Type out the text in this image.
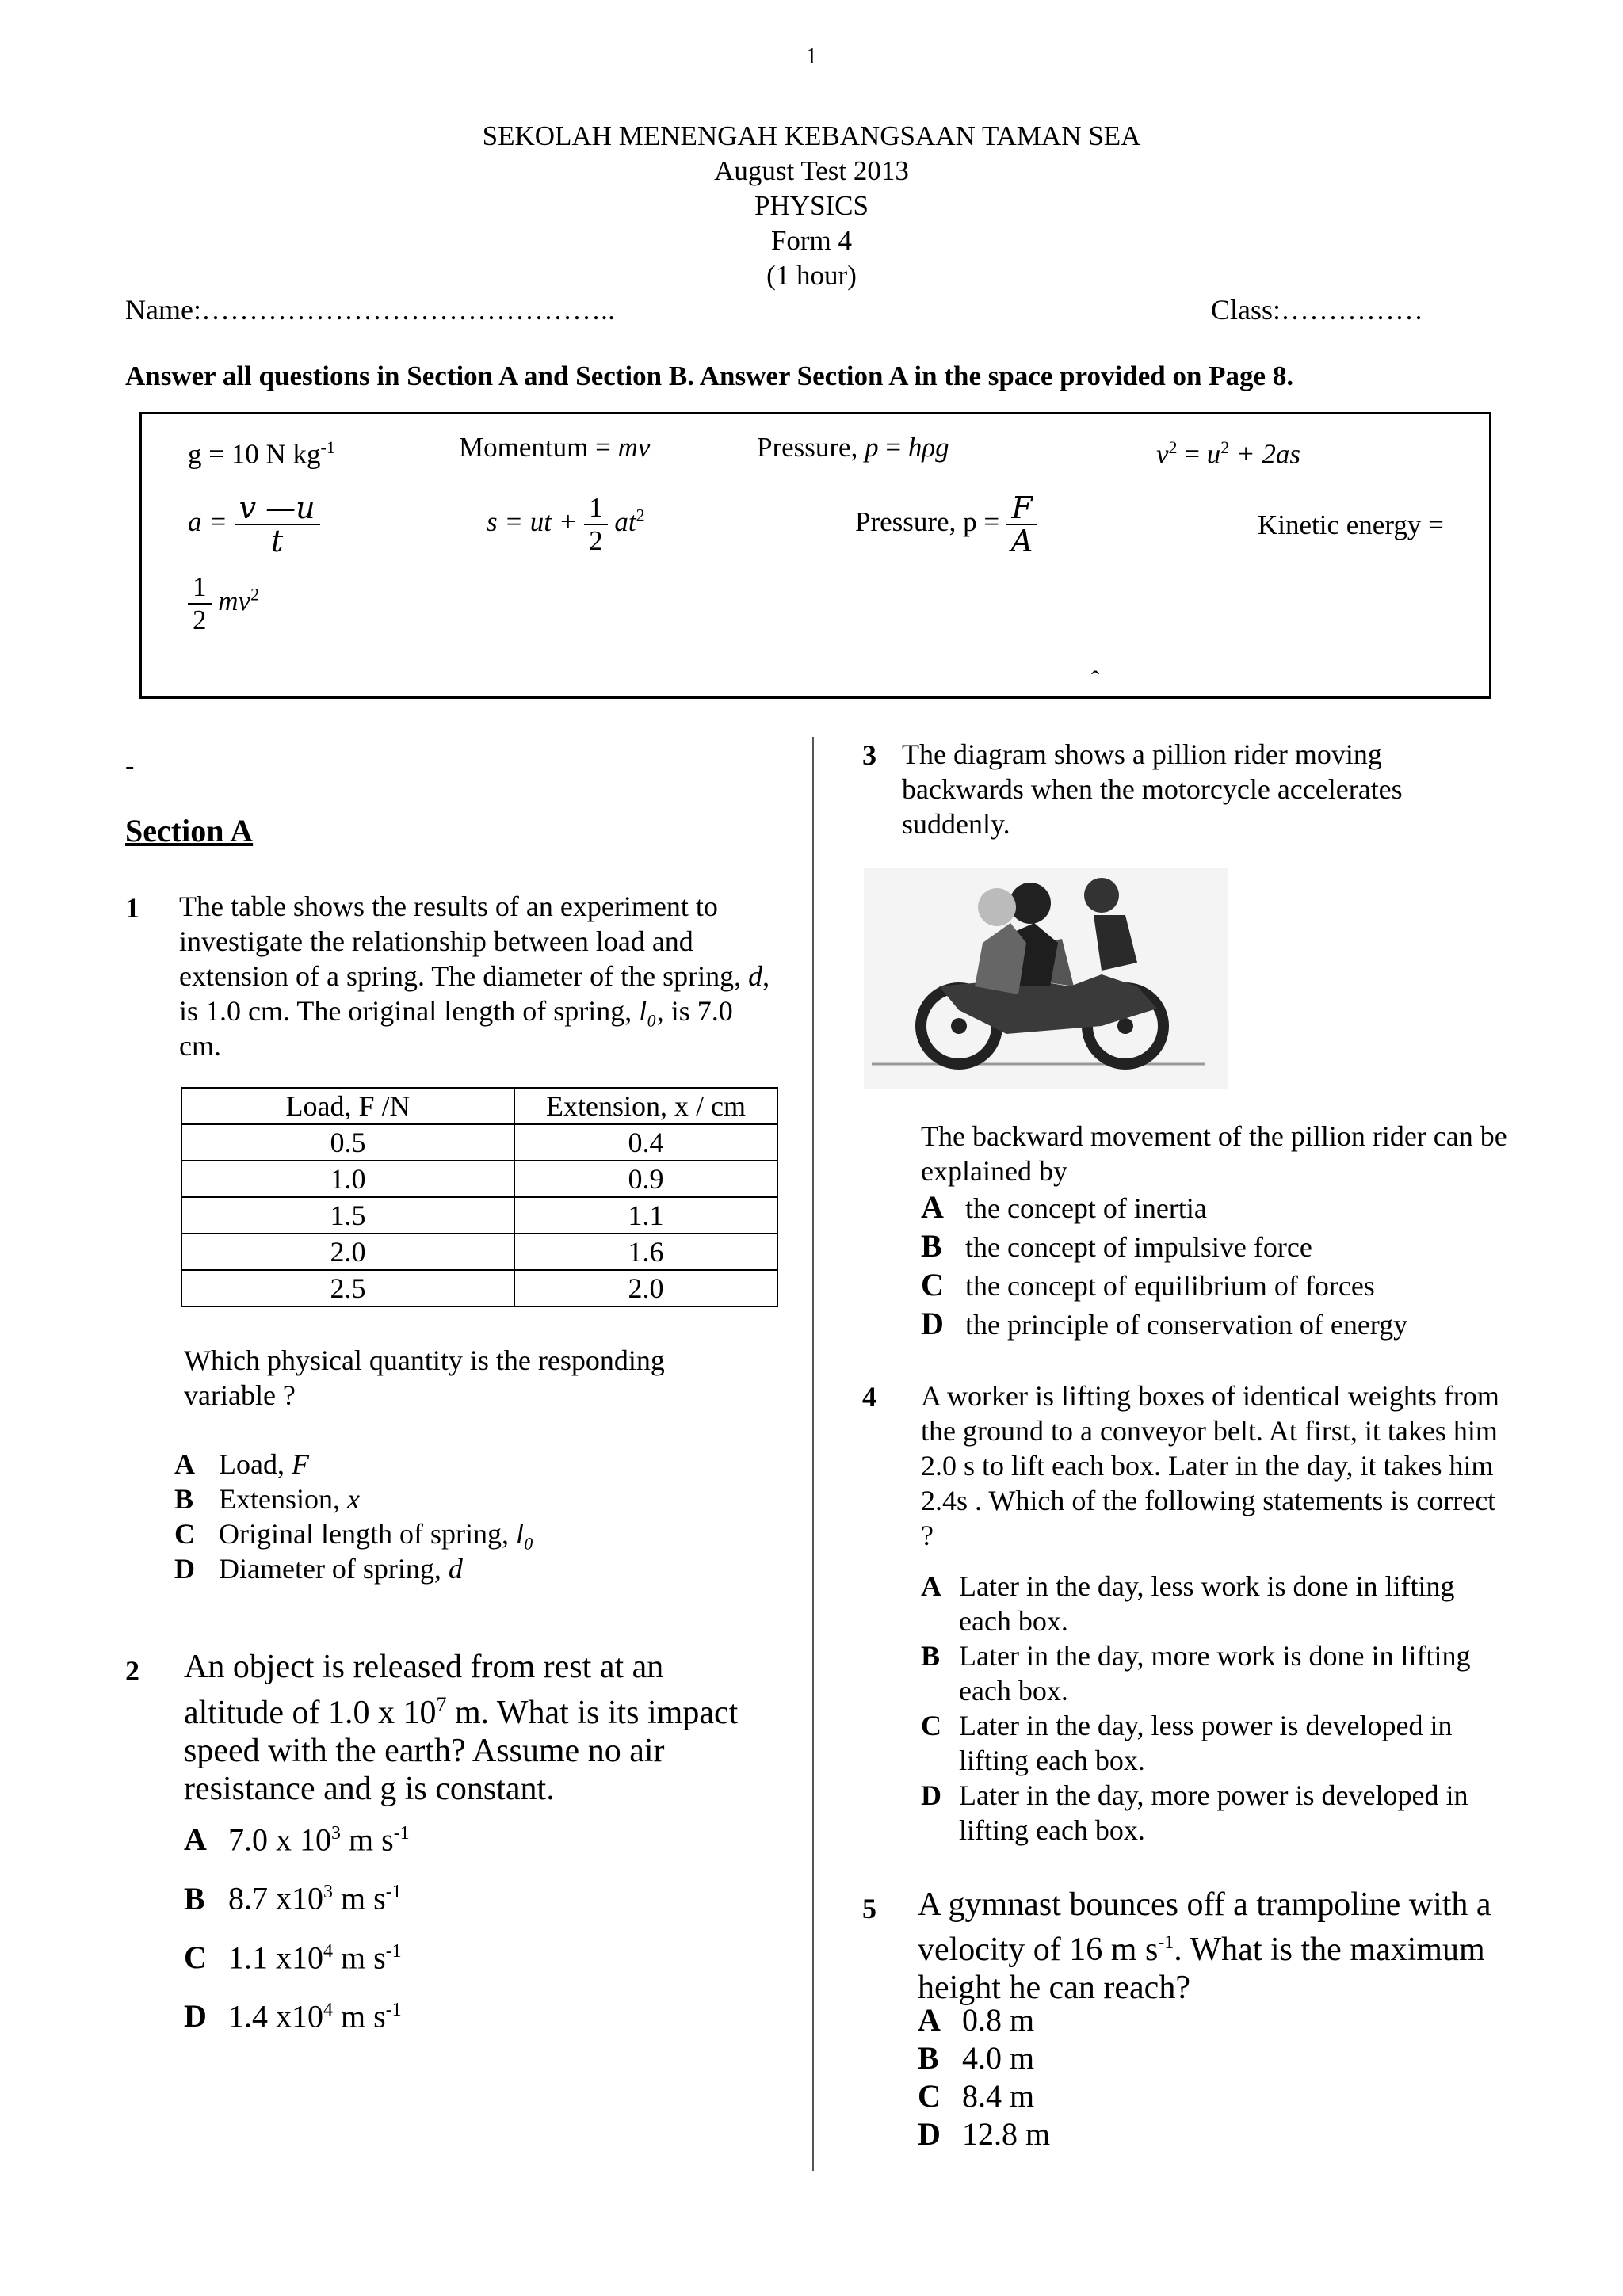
1
SEKOLAH MENENGAH KEBANGSAAN TAMAN SEA
August Test 2013
PHYSICS
Form 4
(1 hour)
Name:……………………………………..	Class:……………
Answer all questions in Section A and Section B. Answer Section A in the space provided on Page 8.
g = 10 N $kg^{-1}$	Momentum = mv	Pressure, p = hρg	$v^2 = u^2 + 2as$
$a = \frac{v —u}{t}$	s = ut + $\frac{1}{2} at^2$	Pressure, $p = \frac{F}{A}$	Kinetic energy =
$\frac{1}{2} mv^2$
ˆ
-
Section A
1 The table shows the results of an experiment to investigate the relationship between load and extension of a spring. The diameter of the spring, d, is 1.0 cm. The original length of spring, l₀, is 7.0 cm.
Load, F /N	Extension, x / cm
0.5	0.4
1.0	0.9
1.5	1.1
2.0	1.6
2.5	2.0
Which physical quantity is the responding variable ?
A Load, F
B Extension, x
C Original length of spring, l₀
D Diameter of spring, d
2 An object is released from rest at an altitude of 1.0 x $10^7$ m. What is its impact speed with the earth? Assume no air resistance and g is constant.
A 7.0 x $10^3$ m $s^{-1}$
B 8.7 $x10^3$ m $s^{-1}$
C 1.1 $x10^4$ m $s^{-1}$
D 1.4 $x10^4$ m $s^{-1}$
3 The diagram shows a pillion rider moving backwards when the motorcycle accelerates suddenly.
The backward movement of the pillion rider can be explained by
A the concept of inertia
B the concept of impulsive force
C the concept of equilibrium of forces
D the principle of conservation of energy
4 A worker is lifting boxes of identical weights from the ground to a conveyor belt. At first, it takes him 2.0 s to lift each box. Later in the day, it takes him 2.4s . Which of the following statements is correct ?
A Later in the day, less work is done in lifting each box.
B Later in the day, more work is done in lifting each box.
C Later in the day, less power is developed in lifting each box.
D Later in the day, more power is developed in lifting each box.
5 A gymnast bounces off a trampoline with a velocity of 16 m $s^{-1}$. What is the maximum height he can reach?
A 0.8 m
B 4.0 m
C 8.4 m
D 12.8 m
